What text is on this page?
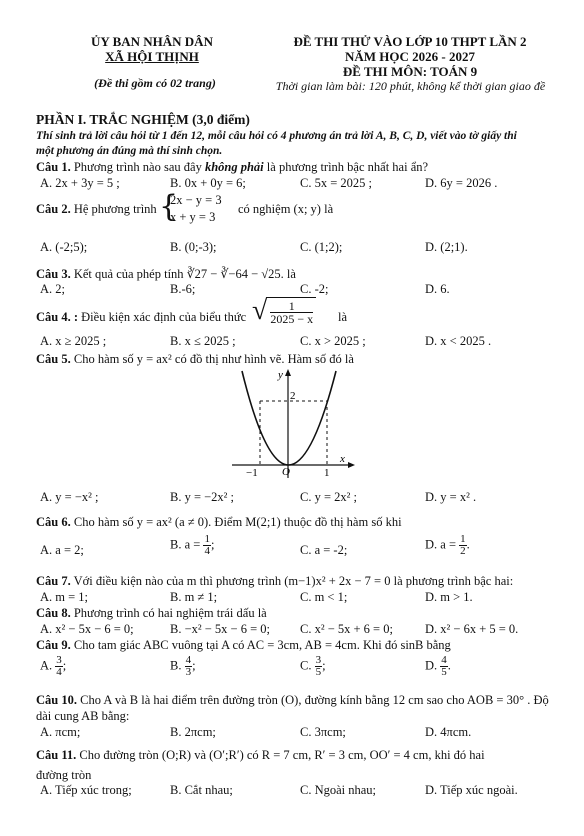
ỦY BAN NHÂN DÂN
XÃ HỘI THỊNH
(Đề thi gồm có 02 trang)
ĐỀ THI THỬ VÀO LỚP 10 THPT LẦN 2
NĂM HỌC 2026 - 2027
ĐỀ THI MÔN: TOÁN 9
Thời gian làm bài: 120 phút, không kể thời gian giao đề
PHẦN I. TRẮC NGHIỆM (3,0 điểm)
Thí sinh trả lời câu hỏi từ 1 đến 12, mỗi câu hỏi có 4 phương án trả lời A, B, C, D, viết vào tờ giấy thi
một phương án đúng mà thí sinh chọn.
Câu 1. Phương trình nào sau đây không phải là phương trình bậc nhất hai ẩn?
A. 2x + 3y = 5 ;	B. 0x + 0y = 6;	C. 5x = 2025 ;	D. 6y = 2026 .
Câu 2. Hệ phương trình {
2x − y = 3
x + y = 3
có nghiệm (x; y) là
A. (-2;5);	B. (0;-3);	C. (1;2);	D. (2;1).
Câu 3. Kết quả của phép tính ∛27 − ∛−64 − √25. là
A. 2;	B.-6;	C. -2;	D. 6.
Câu 4. : Điều kiện xác định của biểu thức √ $\frac{1}{2025 - x}$ là
A. x ≥ 2025 ;	B. x ≤ 2025 ;	C. x > 2025 ;	D. x < 2025 .
Câu 5. Cho hàm số y = ax² có đồ thị như hình vẽ. Hàm số đó là
y
x
2
−1 O	1
A. y = −x² ;	B. y = −2x² ;	C. y = 2x² ;	D. y = x² .
Câu 6. Cho hàm số y = ax² (a ≠ 0). Điểm M(2;1) thuộc đồ thị hàm số khi
A. a = 2;	B. $a = \frac{1}{4}$ ;	C. a = -2;	D. $a = \frac{1}{2}$ .
Câu 7. Với điều kiện nào của m thì phương trình (m−1)x² + 2x − 7 = 0 là phương trình bậc hai:
A. m = 1;	B. m ≠ 1;	C. m < 1;	D. m > 1.
Câu 8. Phương trình có hai nghiệm trái dấu là
A. x² − 5x − 6 = 0;	B. −x² − 5x − 6 = 0; C. x² − 5x + 6 = 0;	D. x² − 6x + 5 = 0.
Câu 9. Cho tam giác ABC vuông tại A có AC = 3cm, AB = 4cm. Khi đó sinB bằng
A. $\frac{3}{4}$ ;	B. $\frac{4}{3}$ ;	C. $\frac{3}{5}$ ;	D. $\frac{4}{5}$ .
Câu 10. Cho A và B là hai điểm trên đường tròn (O), đường kính bằng 12 cm sao cho AOB = 30° . Độ
dài cung AB bằng:
A. πcm;	B. 2πcm;	C. 3πcm;	D. 4πcm.
Câu 11. Cho đường tròn (O;R) và (O′;R′) có R = 7 cm, R′ = 3 cm, OO′ = 4 cm, khi đó hai
đường tròn
A. Tiếp xúc trong;	B. Cắt nhau;	C. Ngoài nhau;	D. Tiếp xúc ngoài.
